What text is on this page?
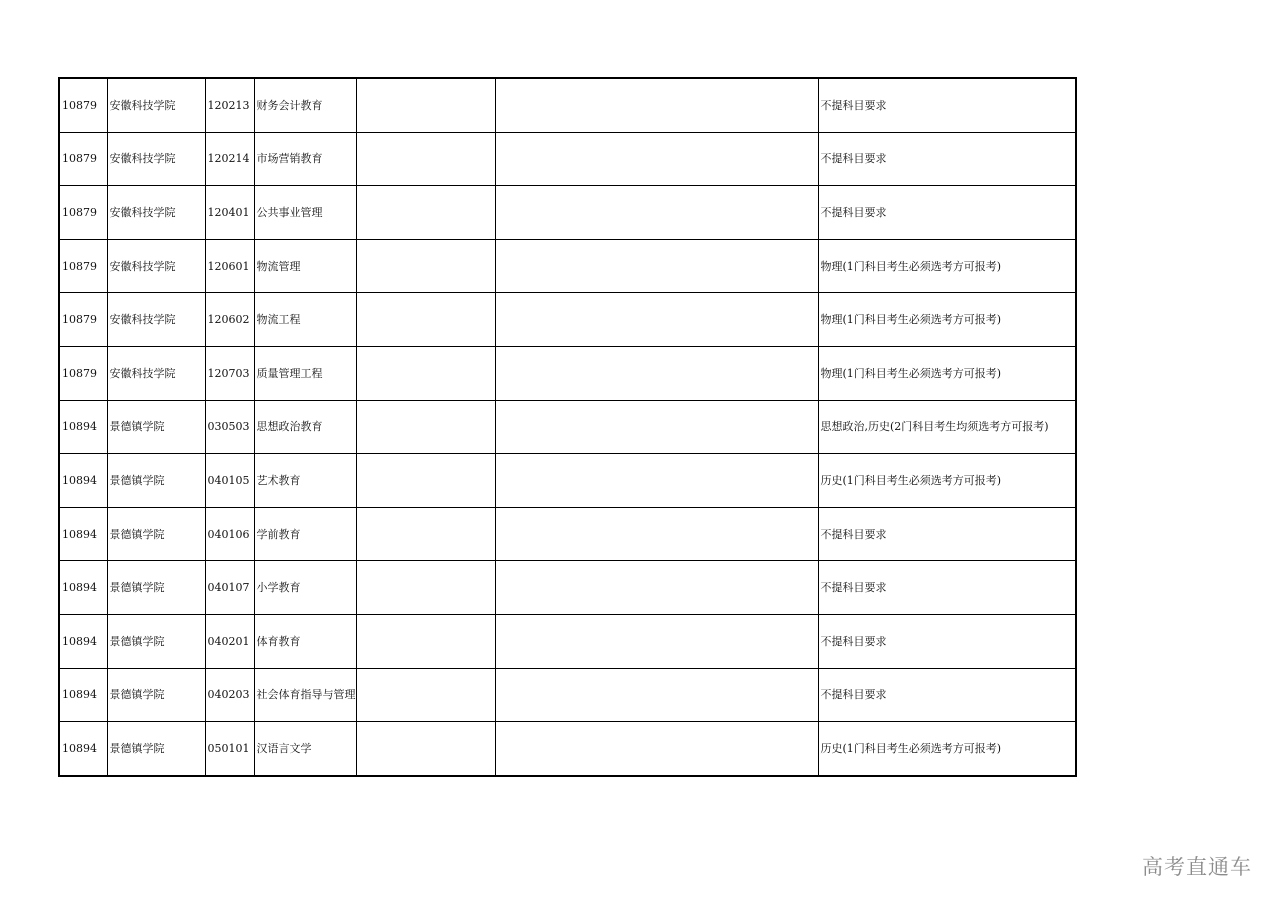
10879	安徽科技学院	120213	财务会计教育			不提科目要求
10879	安徽科技学院	120214	市场营销教育			不提科目要求
10879	安徽科技学院	120401	公共事业管理			不提科目要求
10879	安徽科技学院	120601	物流管理			物理(1门科目考生必须选考方可报考)
10879	安徽科技学院	120602	物流工程			物理(1门科目考生必须选考方可报考)
10879	安徽科技学院	120703	质量管理工程			物理(1门科目考生必须选考方可报考)
10894	景德镇学院	030503	思想政治教育			思想政治,历史(2门科目考生均须选考方可报考)
10894	景德镇学院	040105	艺术教育			历史(1门科目考生必须选考方可报考)
10894	景德镇学院	040106	学前教育			不提科目要求
10894	景德镇学院	040107	小学教育			不提科目要求
10894	景德镇学院	040201	体育教育			不提科目要求
10894	景德镇学院	040203	社会体育指导与管理			不提科目要求
10894	景德镇学院	050101	汉语言文学			历史(1门科目考生必须选考方可报考)
高考直通车
